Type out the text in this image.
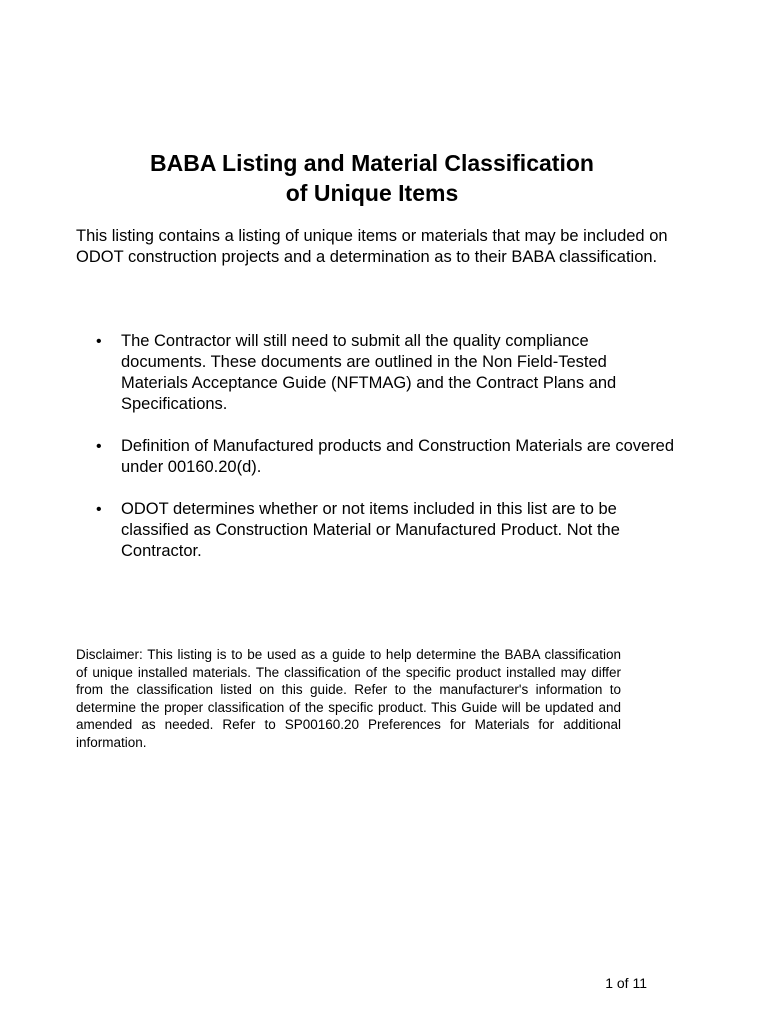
BABA Listing and Material Classification
of Unique Items

This listing contains a listing of unique items or materials that may be included on ODOT construction projects and a determination as to their BABA classification.

• The Contractor will still need to submit all the quality compliance documents. These documents are outlined in the Non Field-Tested Materials Acceptance Guide (NFTMAG) and the Contract Plans and Specifications.
• Definition of Manufactured products and Construction Materials are covered under 00160.20(d).
• ODOT determines whether or not items included in this list are to be classified as Construction Material or Manufactured Product. Not the Contractor.

Disclaimer: This listing is to be used as a guide to help determine the BABA classification of unique installed materials. The classification of the specific product installed may differ from the classification listed on this guide. Refer to the manufacturer's information to determine the proper classification of the specific product. This Guide will be updated and amended as needed. Refer to SP00160.20 Preferences for Materials for additional information.

1 of 11
